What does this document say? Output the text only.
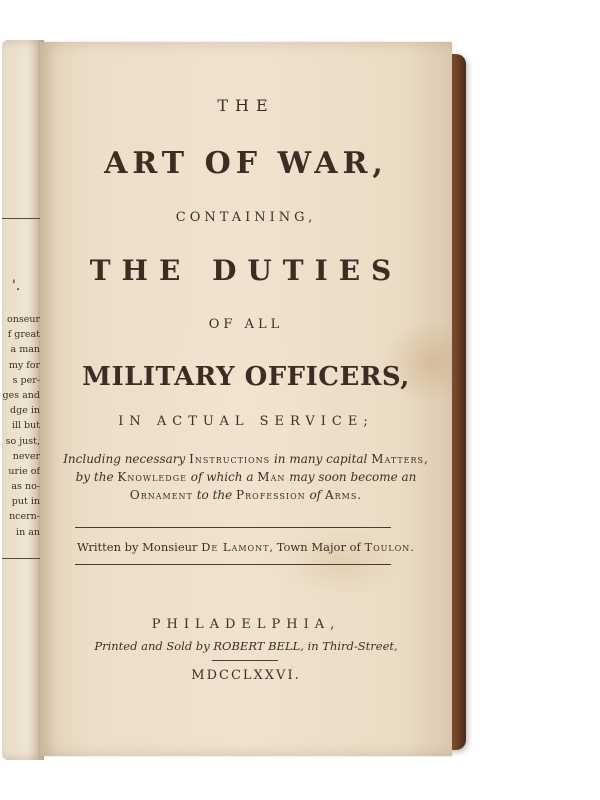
'.
onseur
f great
a man
my for
s per-
ges and
dge in
ill but
so just,
never
urie of
as no-
put in
ncern-
in an
THE
ART OF WAR,
CONTAINING,
THE DUTIES
OF ALL
MILITARY OFFICERS,
IN ACTUAL SERVICE;
Including necessary Instructions in many capital Matters,
by the Knowledge of which a Man may soon become an
Ornament to the Profession of Arms.
Written by Monsieur De Lamont, Town Major of Toulon.
PHILADELPHIA,
Printed and Sold by ROBERT BELL, in Third-Street,
MDCCLXXVI.
